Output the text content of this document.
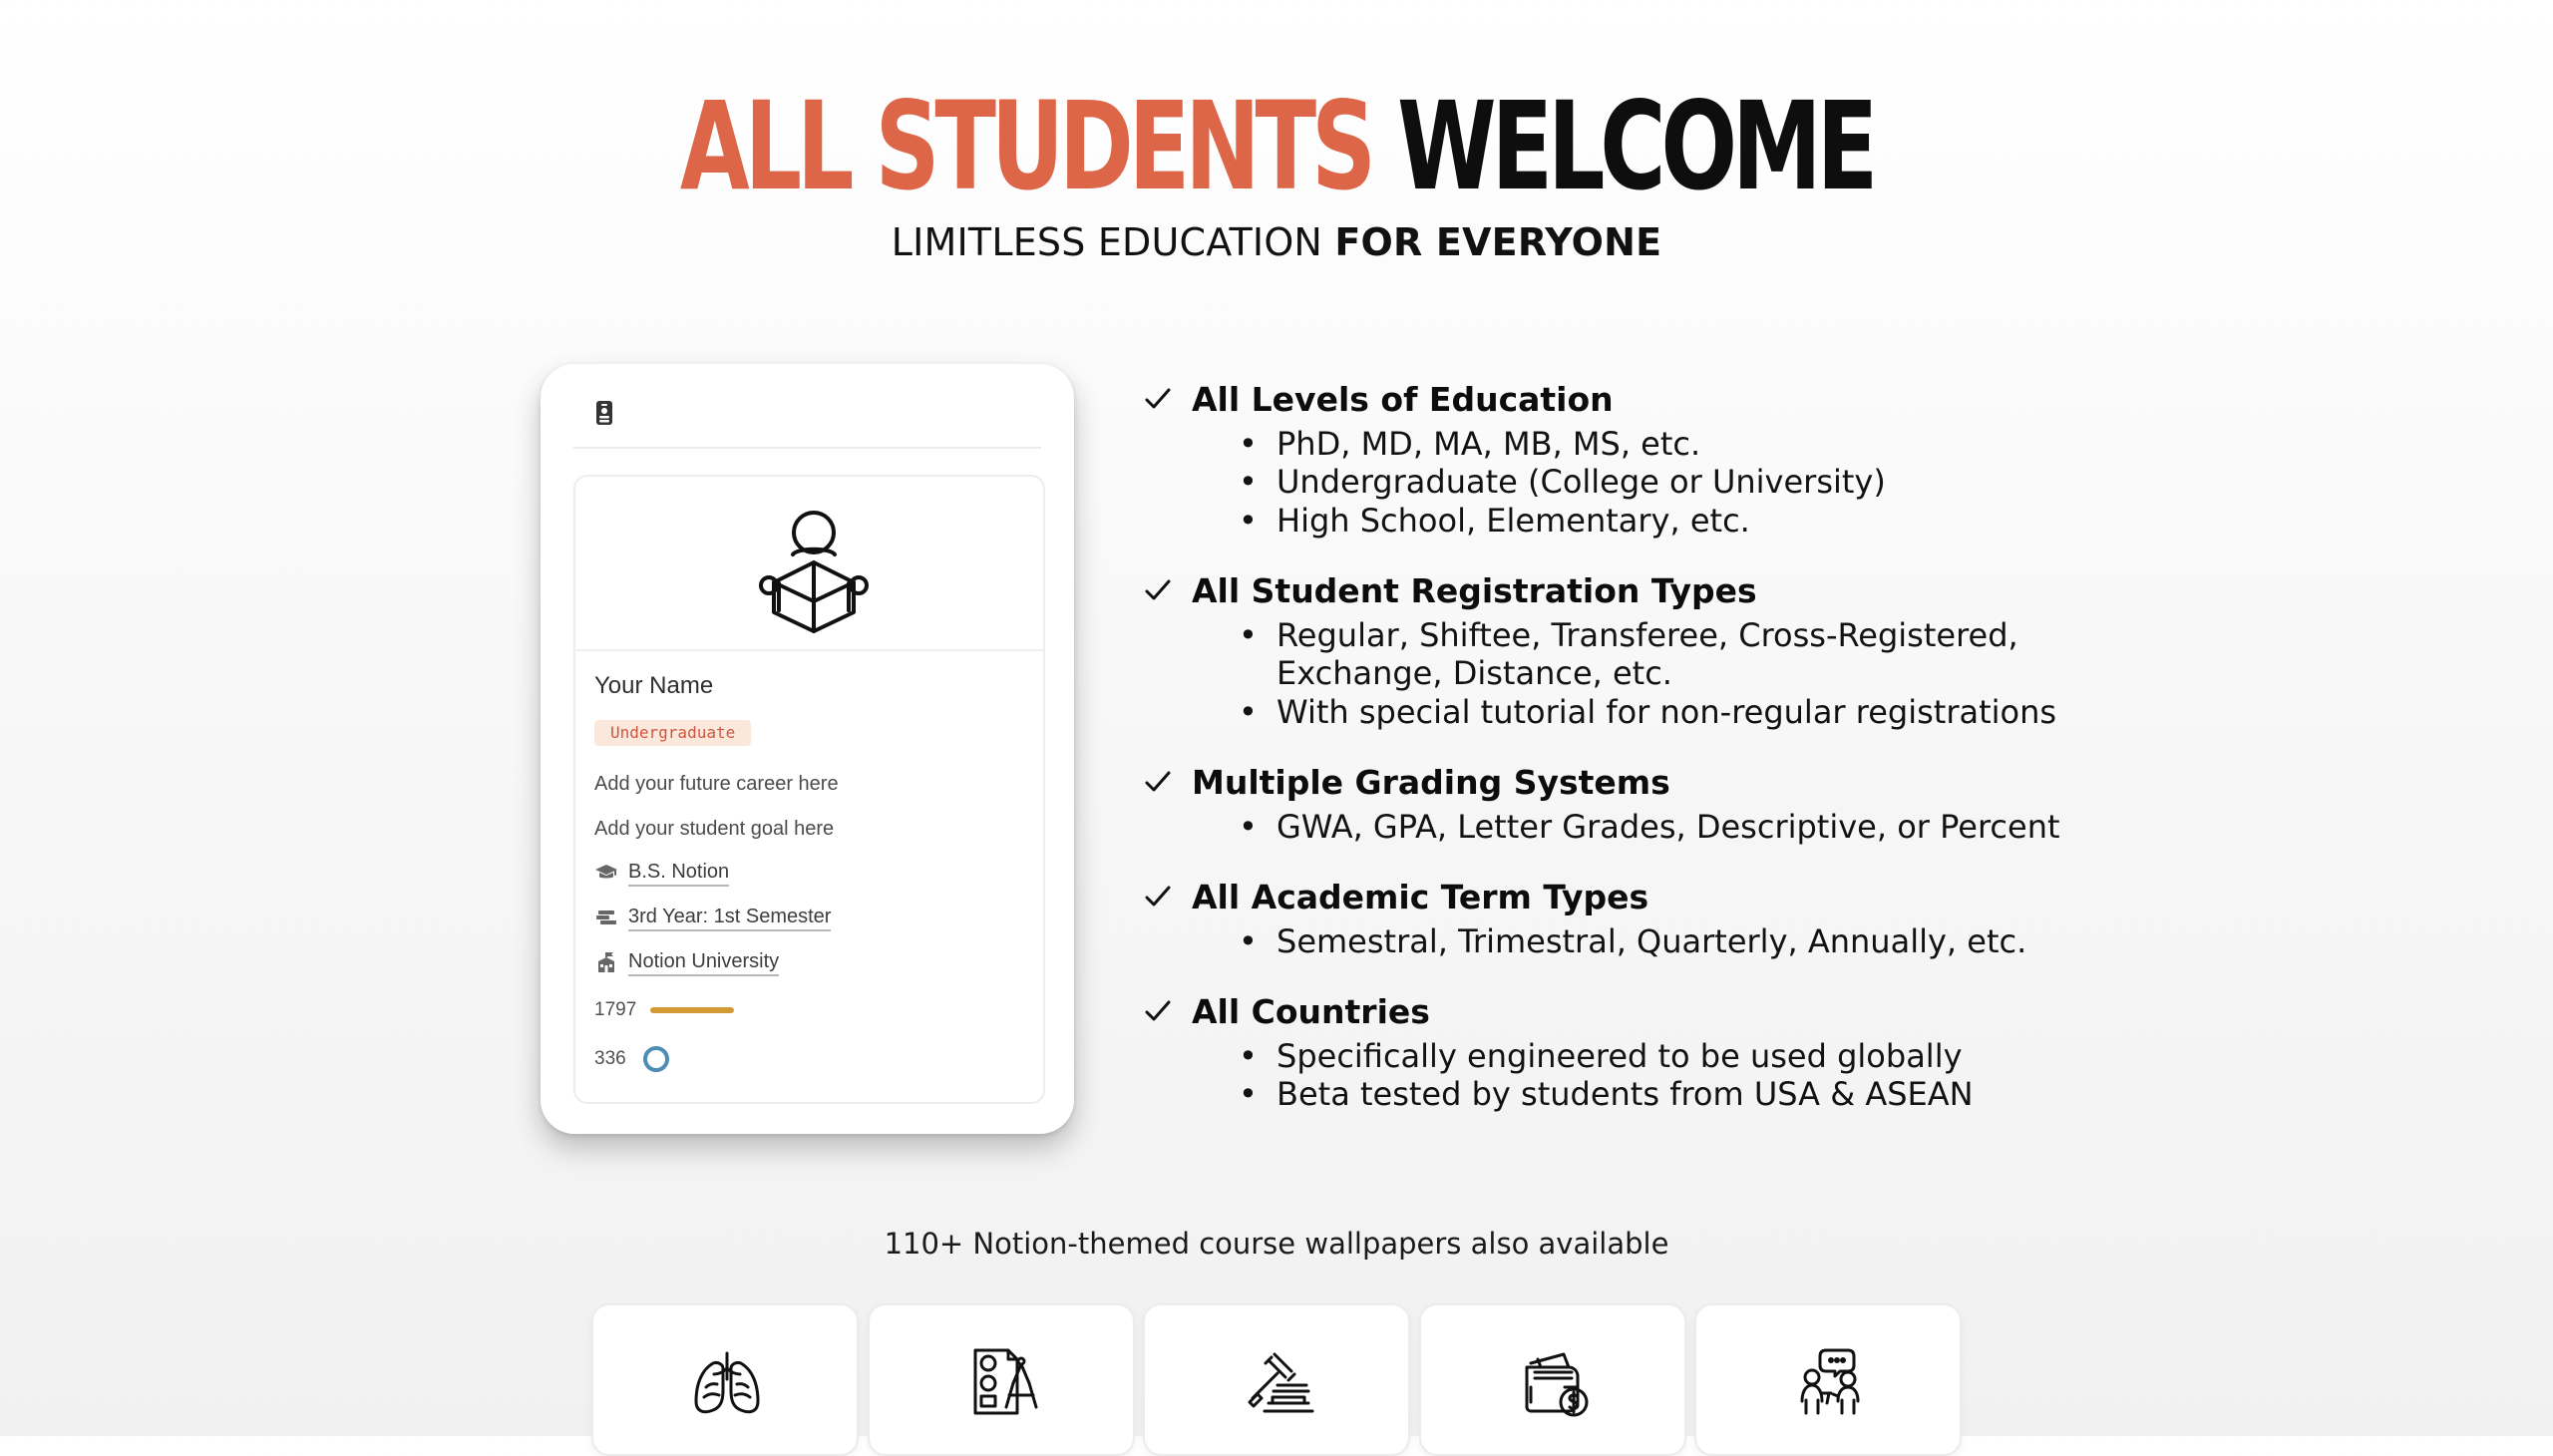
ALL STUDENTS WELCOME
LIMITLESS EDUCATION FOR EVERYONE
Your Name
Undergraduate
Add your future career here
Add your student goal here
B.S. Notion
3rd Year: 1st Semester
Notion University
1797
336
All Levels of Education
• PhD, MD, MA, MB, MS, etc.
• Undergraduate (College or University)
• High School, Elementary, etc.
All Student Registration Types
• Regular, Shiftee, Transferee, Cross-Registered,
Exchange, Distance, etc.
• With special tutorial for non-regular registrations
Multiple Grading Systems
• GWA, GPA, Letter Grades, Descriptive, or Percent
All Academic Term Types
• Semestral, Trimestral, Quarterly, Annually, etc.
All Countries
• Specifically engineered to be used globally
• Beta tested by students from USA & ASEAN
110+ Notion-themed course wallpapers also available
